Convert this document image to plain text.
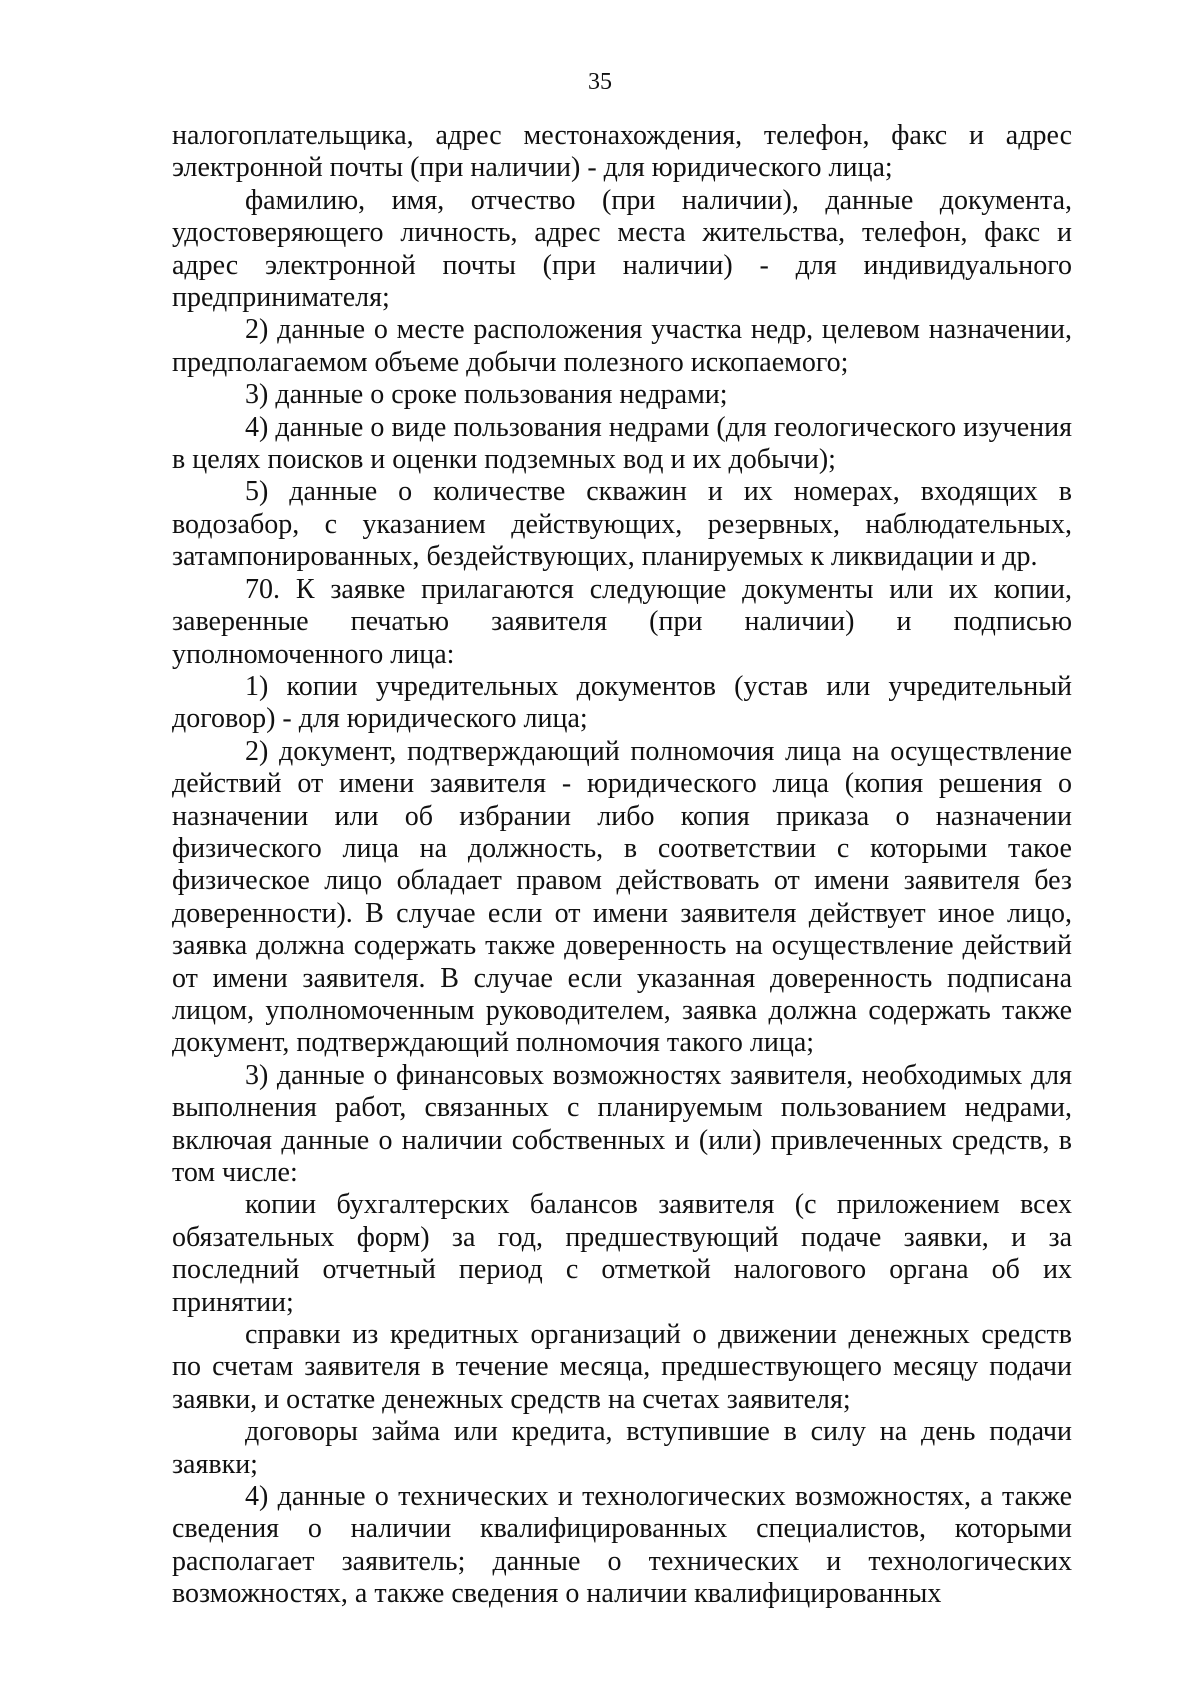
35

налогоплательщика, адрес местонахождения, телефон, факс и адрес электронной почты (при наличии) - для юридического лица;

фамилию, имя, отчество (при наличии), данные документа, удостоверяющего личность, адрес места жительства, телефон, факс и адрес электронной почты (при наличии) - для индивидуального предпринимателя;

2) данные о месте расположения участка недр, целевом назначении, предполагаемом объеме добычи полезного ископаемого;

3) данные о сроке пользования недрами;

4) данные о виде пользования недрами (для геологического изучения в целях поисков и оценки подземных вод и их добычи);

5) данные о количестве скважин и их номерах, входящих в водозабор, с указанием действующих, резервных, наблюдательных, затампонированных, бездействующих, планируемых к ликвидации и др.

70. К заявке прилагаются следующие документы или их копии, заверенные печатью заявителя (при наличии) и подписью уполномоченного лица:

1) копии учредительных документов (устав или учредительный договор) - для юридического лица;

2) документ, подтверждающий полномочия лица на осуществление действий от имени заявителя - юридического лица (копия решения о назначении или об избрании либо копия приказа о назначении физического лица на должность, в соответствии с которыми такое физическое лицо обладает правом действовать от имени заявителя без доверенности). В случае если от имени заявителя действует иное лицо, заявка должна содержать также доверенность на осуществление действий от имени заявителя. В случае если указанная доверенность подписана лицом, уполномоченным руководителем, заявка должна содержать также документ, подтверждающий полномочия такого лица;

3) данные о финансовых возможностях заявителя, необходимых для выполнения работ, связанных с планируемым пользованием недрами, включая данные о наличии собственных и (или) привлеченных средств, в том числе:

копии бухгалтерских балансов заявителя (с приложением всех обязательных форм) за год, предшествующий подаче заявки, и за последний отчетный период с отметкой налогового органа об их принятии;

справки из кредитных организаций о движении денежных средств по счетам заявителя в течение месяца, предшествующего месяцу подачи заявки, и остатке денежных средств на счетах заявителя;

договоры займа или кредита, вступившие в силу на день подачи заявки;

4) данные о технических и технологических возможностях, а также сведения о наличии квалифицированных специалистов, которыми располагает заявитель; данные о технических и технологических возможностях, а также сведения о наличии квалифицированных
